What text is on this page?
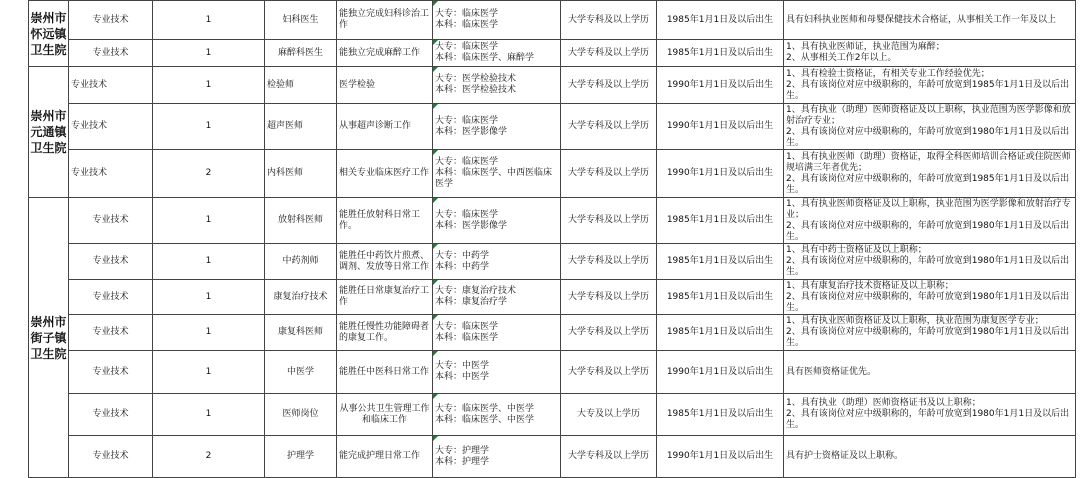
崇州市怀远镇卫生院	专业技术	1	妇科医生	能独立完成妇科诊治工作	大专：临床医学
本科：临床医学	大学专科及以上学历	1985年1月1日及以后出生	具有妇科执业医师和母婴保健技术合格证，从事相关工作一年及以上
	专业技术	1	麻醉科医生	能独立完成麻醉工作	大专：临床医学
本科：临床医学、麻醉学	大学专科及以上学历	1985年1月1日及以后出生	1、具有执业医师证，执业范围为麻醉；
2、从事相关工作2年以上。
崇州市元通镇卫生院	专业技术	1	检验师	医学检验	大专：医学检验技术
本科：医学检验技术	大学专科及以上学历	1990年1月1日及以后出生	1、具有检验士资格证，有相关专业工作经验优先；
2、具有该岗位对应中级职称的，年龄可放宽到1985年1月1日及以后出生。
	专业技术	1	超声医师	从事超声诊断工作	大专：临床医学
本科：医学影像学	大学专科及以上学历	1990年1月1日及以后出生	1、具有执业（助理）医师资格证及以上职称，执业范围为医学影像和放射治疗专业；
2、具有该岗位对应中级职称的，年龄可放宽到1980年1月1日及以后出生。
	专业技术	2	内科医师	相关专业临床医疗工作	大专：临床医学
本科：临床医学、中西医临床医学	大学专科及以上学历	1990年1月1日及以后出生	1、具有执业医师（助理）资格证，取得全科医师培训合格证或住院医师规培满三年者优先；
2、具有该岗位对应中级职称的，年龄可放宽到1985年1月1日及以后出生。
崇州市街子镇卫生院	专业技术	1	放射科医师	能胜任放射科日常工作。	大专：临床医学
本科：医学影像学	大学专科及以上学历	1985年1月1日及以后出生	1、具有执业医师资格证及以上职称，执业范围为医学影像和放射治疗专业；
2、具有该岗位对应中级职称的，年龄可放宽到1980年1月1日及以后出生。
	专业技术	1	中药剂师	能胜任中药饮片煎煮、调剂、发放等日常工作	大专：中药学
本科：中药学	大学专科及以上学历	1985年1月1日及以后出生	1、具有中药士资格证及以上职称；
2、具有该岗位对应中级职称的，年龄可放宽到1980年1月1日及以后出生。
	专业技术	1	康复治疗技术	能胜任日常康复治疗工作	大专：康复治疗技术
本科：康复治疗学	大学专科及以上学历	1985年1月1日及以后出生	1、具有康复治疗技术资格证及以上职称；
2、具有该岗位对应中级职称的，年龄可放宽到1980年1月1日及以后出生。
	专业技术	1	康复科医师	能胜任慢性功能障碍者的康复工作。	大专：临床医学
本科：临床医学	大学专科及以上学历	1985年1月1日及以后出生	1、具有执业医师资格证及以上职称，执业范围为康复医学专业；
2、具有该岗位对应中级职称的，年龄可放宽到1980年1月1日及以后出生。
	专业技术	1	中医学	能胜任中医科日常工作	大专：中医学
本科：中医学	大学专科及以上学历	1990年1月1日及以后出生	具有医师资格证优先。
	专业技术	1	医师岗位	从事公共卫生管理工作和临床工作	大专：临床医学、中医学
本科：临床医学、中医学	大专及以上学历	1985年1月1日及以后出生	1、具有执业（助理）医师资格证书及以上职称；
2、具有该岗位对应中级职称的，年龄可放宽到1980年1月1日及以后出生。
	专业技术	2	护理学	能完成护理日常工作	大专：护理学
本科：护理学	大学专科及以上学历	1990年1月1日及以后出生	具有护士资格证及以上职称。
